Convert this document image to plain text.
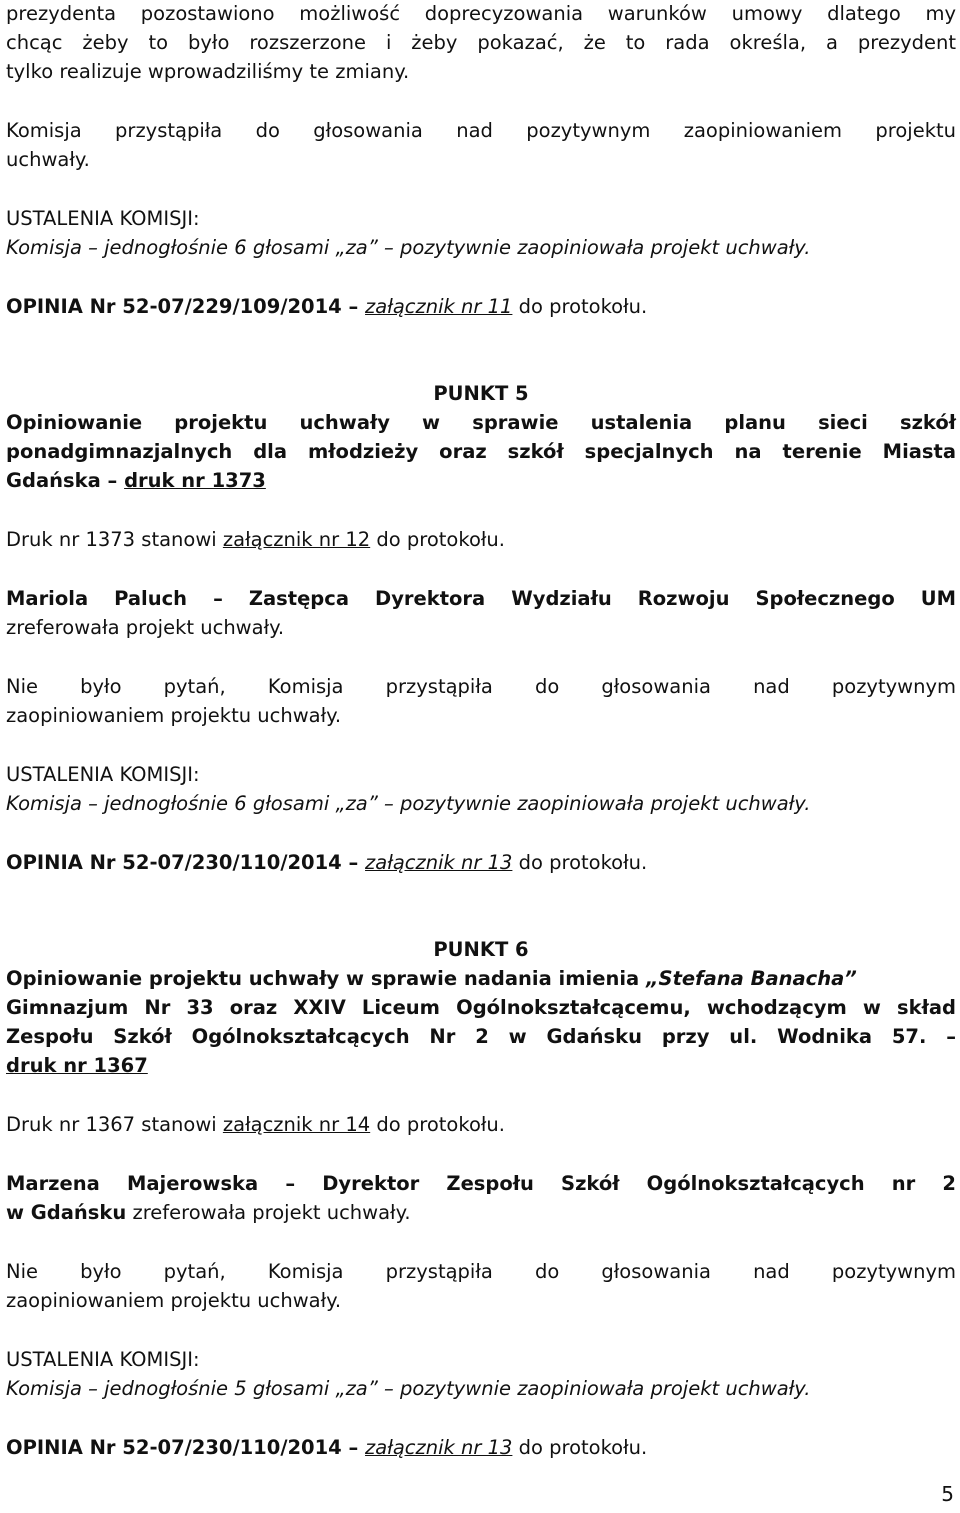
prezydenta pozostawiono możliwość doprecyzowania warunków umowy dlatego my
chcąc żeby to było rozszerzone i żeby pokazać, że to rada określa, a prezydent
tylko realizuje wprowadziliśmy te zmiany.
Komisja przystąpiła do głosowania nad pozytywnym zaopiniowaniem projektu
uchwały.
USTALENIA KOMISJI:
Komisja – jednogłośnie 6 głosami „za” – pozytywnie zaopiniowała projekt uchwały.
OPINIA Nr 52-07/229/109/2014 – załącznik nr 11 do protokołu.
PUNKT 5
Opiniowanie projektu uchwały w sprawie ustalenia planu sieci szkół
ponadgimnazjalnych dla młodzieży oraz szkół specjalnych na terenie Miasta
Gdańska – druk nr 1373
Druk nr 1373 stanowi załącznik nr 12 do protokołu.
Mariola Paluch – Zastępca Dyrektora Wydziału Rozwoju Społecznego UM
zreferowała projekt uchwały.
Nie było pytań, Komisja przystąpiła do głosowania nad pozytywnym
zaopiniowaniem projektu uchwały.
USTALENIA KOMISJI:
Komisja – jednogłośnie 6 głosami „za” – pozytywnie zaopiniowała projekt uchwały.
OPINIA Nr 52-07/230/110/2014 – załącznik nr 13 do protokołu.
PUNKT 6
Opiniowanie projektu uchwały w sprawie nadania imienia „Stefana Banacha”
Gimnazjum Nr 33 oraz XXIV Liceum Ogólnokształcącemu, wchodzącym w skład
Zespołu Szkół Ogólnokształcących Nr 2 w Gdańsku przy ul. Wodnika 57. –
druk nr 1367
Druk nr 1367 stanowi załącznik nr 14 do protokołu.
Marzena Majerowska – Dyrektor Zespołu Szkół Ogólnokształcących nr 2
w Gdańsku zreferowała projekt uchwały.
Nie było pytań, Komisja przystąpiła do głosowania nad pozytywnym
zaopiniowaniem projektu uchwały.
USTALENIA KOMISJI:
Komisja – jednogłośnie 5 głosami „za” – pozytywnie zaopiniowała projekt uchwały.
OPINIA Nr 52-07/230/110/2014 – załącznik nr 13 do protokołu.
5
